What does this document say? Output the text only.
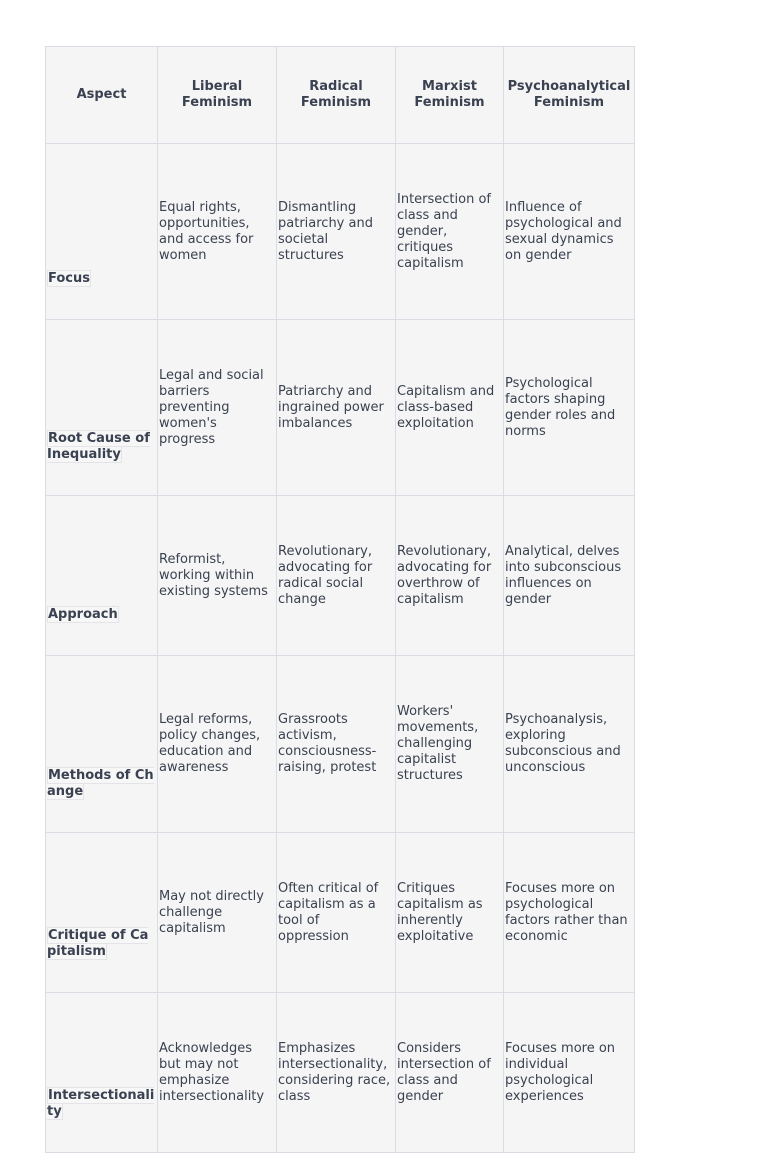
Aspect	Liberal Feminism	Radical Feminism	Marxist Feminism	Psychoanalytical Feminism
Focus	Equal rights, opportunities, and access for women	Dismantling patriarchy and societal structures	Intersection of class and gender, critiques capitalism	Influence of psychological and sexual dynamics on gender
Root Cause of Inequality	Legal and social barriers preventing women's progress	Patriarchy and ingrained power imbalances	Capitalism and class-based exploitation	Psychological factors shaping gender roles and norms
Approach	Reformist, working within existing systems	Revolutionary, advocating for radical social change	Revolutionary, advocating for overthrow of capitalism	Analytical, delves into subconscious influences on gender
Methods of Change	Legal reforms, policy changes, education and awareness	Grassroots activism, consciousness-raising, protest	Workers' movements, challenging capitalist structures	Psychoanalysis, exploring subconscious and unconscious
Critique of Capitalism	May not directly challenge capitalism	Often critical of capitalism as a tool of oppression	Critiques capitalism as inherently exploitative	Focuses more on psychological factors rather than economic
Intersectionality	Acknowledges but may not emphasize intersectionality	Emphasizes intersectionality, considering race, class	Considers intersection of class and gender	Focuses more on individual psychological experiences
